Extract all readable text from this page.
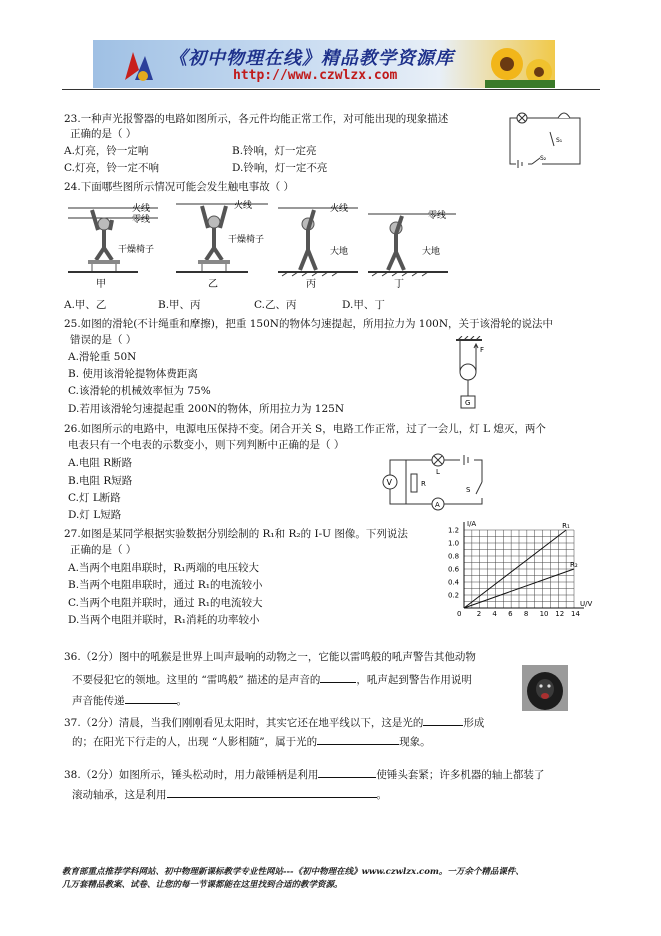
《初中物理在线》精品教学资源库
http://www.czwlzx.com
23.一种声光报警器的电路如图所示，各元件均能正常工作，对可能出现的现象描述
正确的是（ ）
A.灯亮，铃一定响	B.铃响，灯一定亮
C.灯亮，铃一定不响	D.铃响，灯一定不亮
S₁
S₂
24.下面哪些图所示情况可能会发生触电事故（ ）
火线
零线
干燥椅子
甲
火线
干燥椅子
乙
火线
大地
丙
零线
大地
丁
A.甲、乙	B.甲、丙	C.乙、丙	D.甲、丁
25.如图的滑轮(不计绳重和摩擦)，把重 150N的物体匀速提起，所用拉力为 100N，关于该滑轮的说法中
错误的是（ ）
A.滑轮重 50N
B. 使用该滑轮提物体费距离
C.该滑轮的机械效率恒为 75%
D.若用该滑轮匀速提起重 200N的物体，所用拉力为 125N
F
G
26.如图所示的电路中，电源电压保持不变。闭合开关 S，电路工作正常，过了一会儿，灯 L 熄灭，两个
电表只有一个电表的示数变小，则下列判断中正确的是（ ）
A.电阻 R断路
B.电阻 R短路
C.灯 L断路
D.灯 L短路
V	R
L
A
S
27.如图是某同学根据实验数据分别绘制的 R₁和 R₂的 I-U 图像。下列说法
正确的是（ ）
A.当两个电阻串联时，R₁两端的电压较大
B.当两个电阻串联时，通过 R₁的电流较小
C.当两个电阻并联时，通过 R₁的电流较大
D.当两个电阻并联时，R₁消耗的功率较小
I/A
U/V
0 2 4 6 8 10 12 14
0.2
0.4
0.6
0.8
1.0
1.2
R₁
R₂
36.（2分）图中的吼猴是世界上叫声最响的动物之一，它能以雷鸣般的吼声警告其他动物
不要侵犯它的领地。这里的 “雷鸣般” 描述的是声音的	，吼声起到警告作用说明
声音能传递	。
37.（2分）清晨，当我们刚刚看见太阳时，其实它还在地平线以下，这是光的	形成
的；在阳光下行走的人，出现 “人影相随”，属于光的	现象。
38.（2分）如图所示，锤头松动时，用力敲锤柄是利用	使锤头套紧；许多机器的轴上都装了
滚动轴承，这是利用	。
教育部重点推荐学科网站、初中物理新课标教学专业性网站---《初中物理在线》www.czwlzx.com。一万余个精品课件、
几万套精品教案、试卷、让您的每一节课都能在这里找到合适的教学资源。
